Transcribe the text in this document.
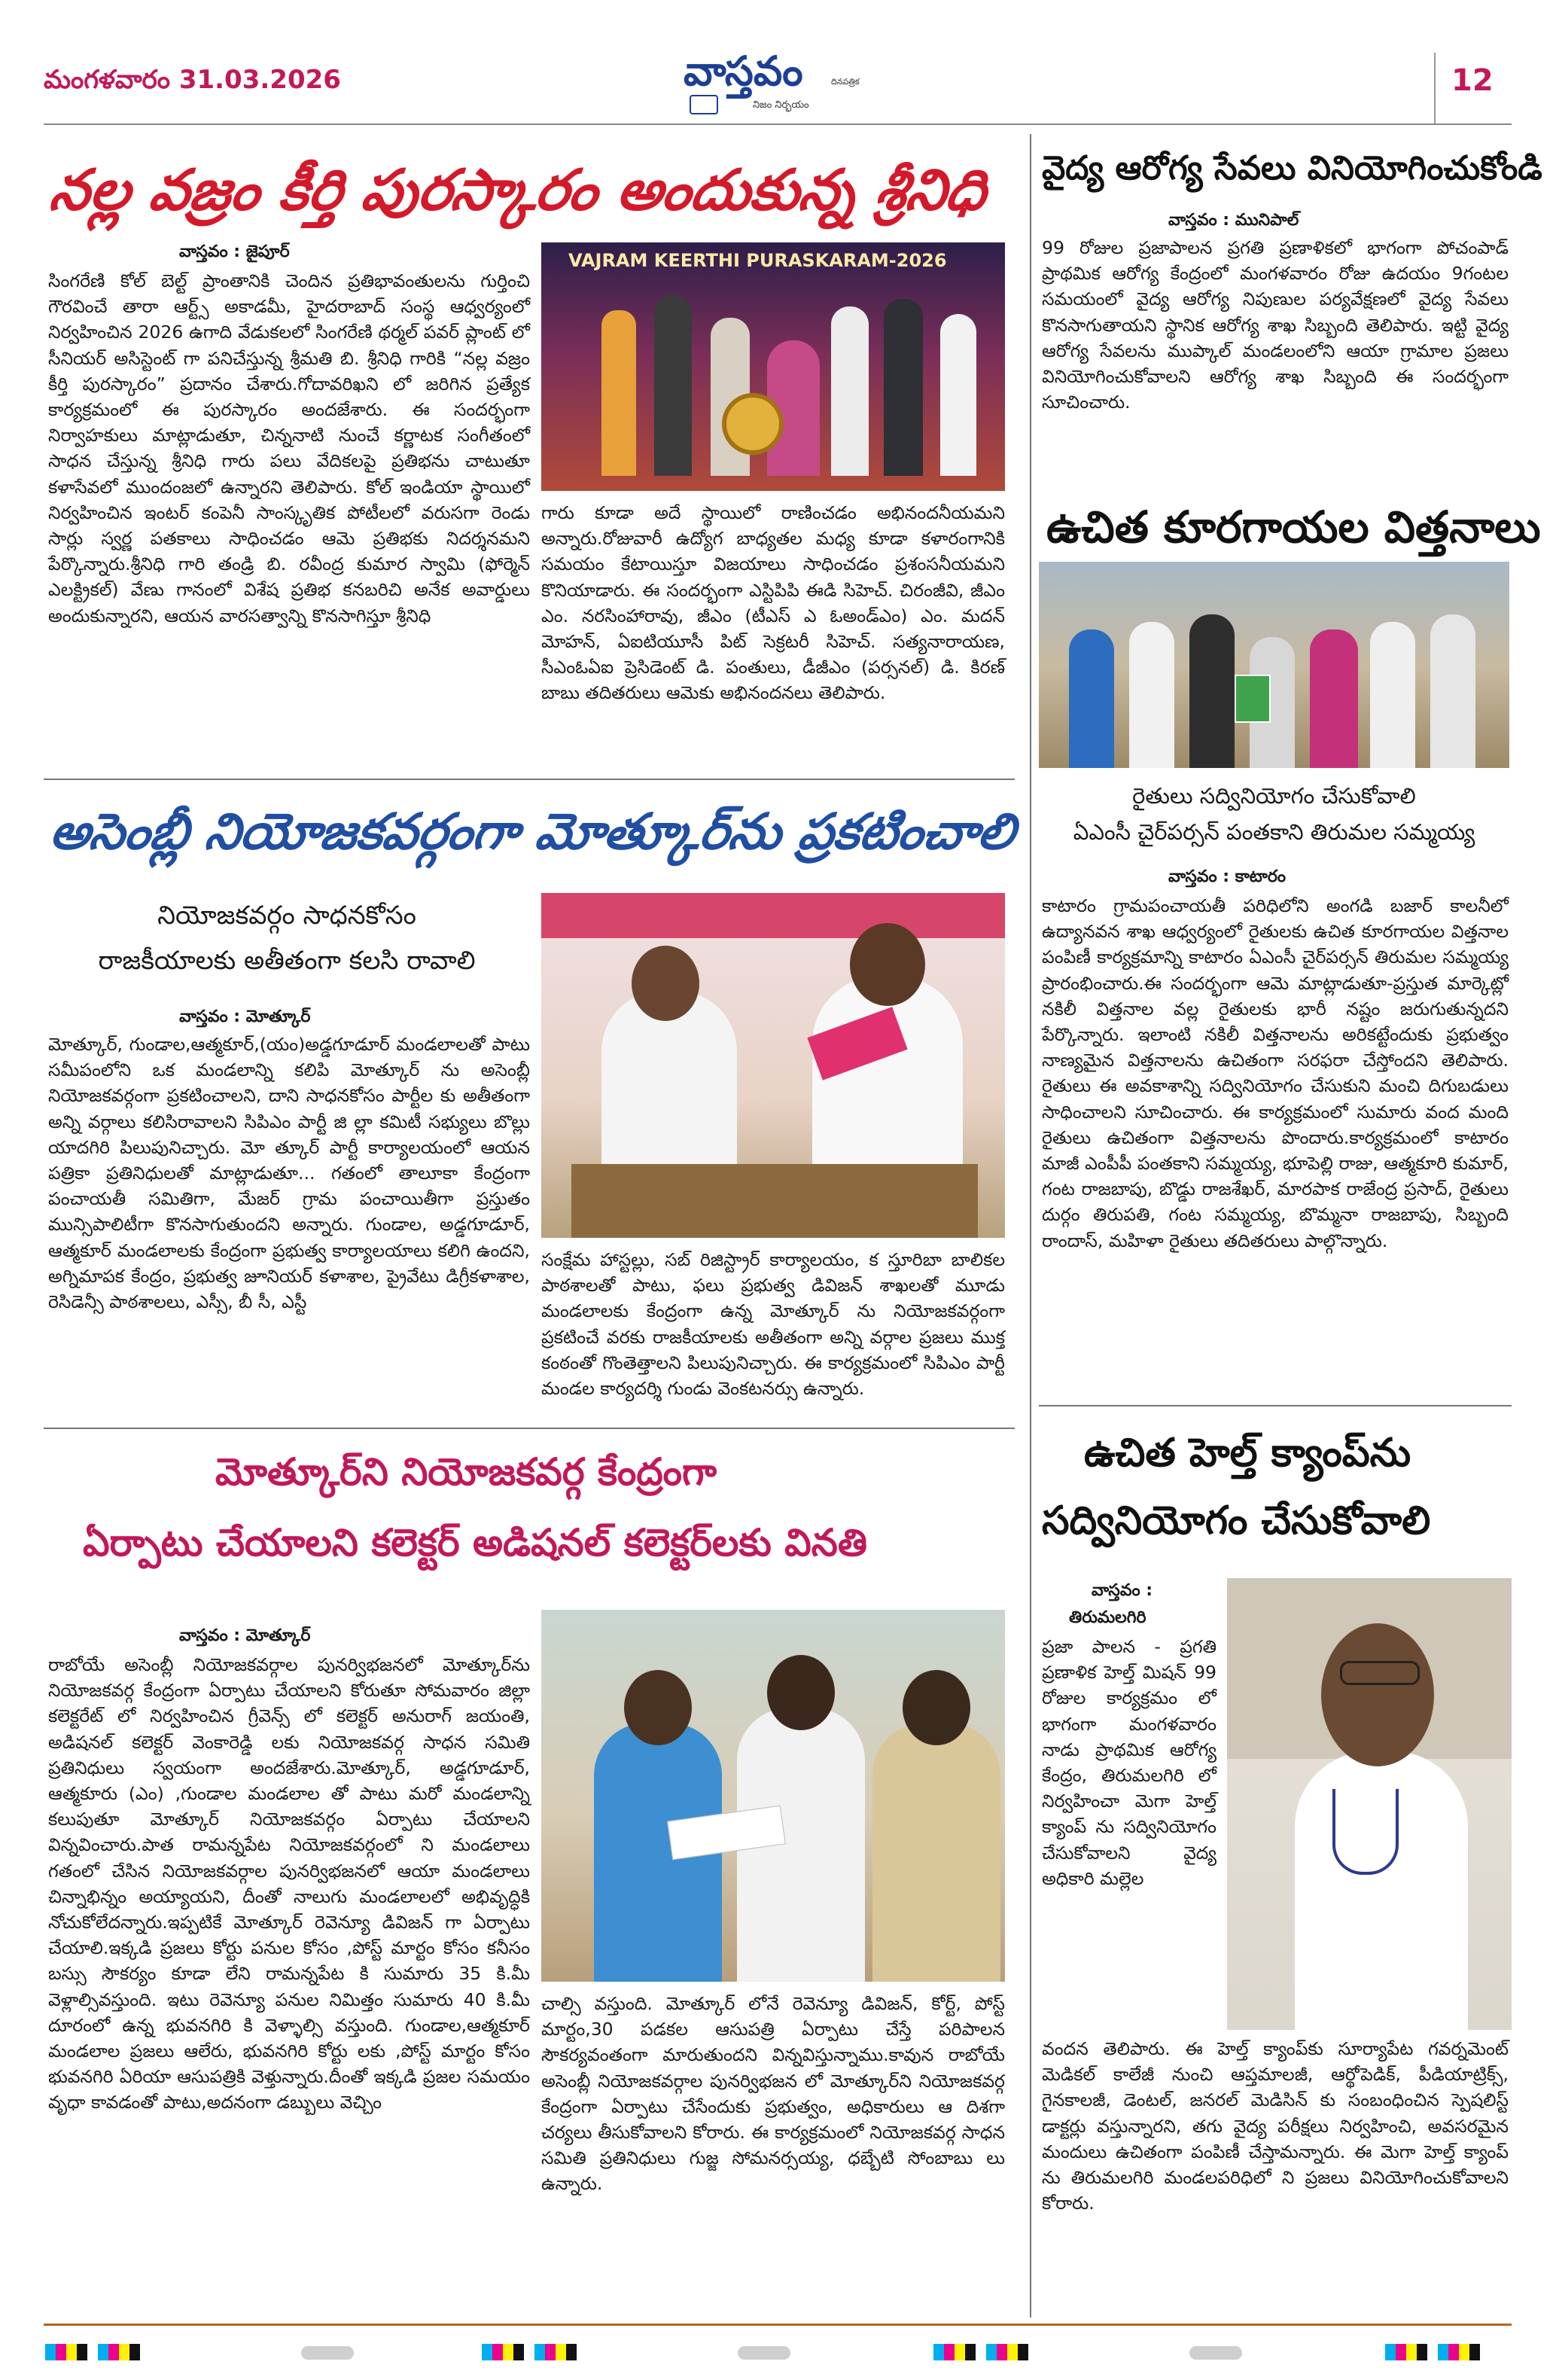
మంగళవారం 31.03.2026	వాస్తవం
నిజం నిర్భయం
దినపత్రిక	12
నల్ల వజ్రం కీర్తి పురస్కారం అందుకున్న శ్రీనిధి
వాస్తవం : జైపూర్
సింగరేణి కోల్ బెల్ట్ ప్రాంతానికి చెందిన ప్రతిభావంతులను గుర్తించి గౌరవించే తారా ఆర్ట్స్ అకాడమీ, హైదరాబాద్ సంస్థ ఆధ్వర్యంలో నిర్వహించిన 2026 ఉగాది వేడుకలలో సింగరేణి థర్మల్ పవర్ ప్లాంట్ లో సీనియర్ అసిస్టెంట్ గా పనిచేస్తున్న శ్రీమతి బి. శ్రీనిధి గారికి “నల్ల వజ్రం కీర్తి పురస్కారం” ప్రదానం చేశారు.గోదావరిఖని లో జరిగిన ప్రత్యేక కార్యక్రమంలో ఈ పురస్కారం అందజేశారు. ఈ సందర్భంగా నిర్వాహకులు మాట్లాడుతూ, చిన్ననాటి నుంచే కర్ణాటక సంగీతంలో సాధన చేస్తున్న శ్రీనిధి గారు పలు వేదికలపై ప్రతిభను చాటుతూ కళాసేవలో ముందంజలో ఉన్నారని తెలిపారు. కోల్ ఇండియా స్థాయిలో నిర్వహించిన ఇంటర్ కంపెనీ సాంస్కృతిక పోటీలలో వరుసగా రెండు సార్లు స్వర్ణ పతకాలు సాధించడం ఆమె ప్రతిభకు నిదర్శనమని పేర్కొన్నారు.శ్రీనిధి గారి తండ్రి బి. రవీంద్ర కుమార స్వామి (ఫోర్మెన్ ఎలక్ట్రికల్) వేణు గానంలో విశేష ప్రతిభ కనబరిచి అనేక అవార్డులు అందుకున్నారని, ఆయన వారసత్వాన్ని కొనసాగిస్తూ శ్రీనిధి
VAJRAM KEERTHI PURASKARAM-2026
గారు కూడా అదే స్థాయిలో రాణించడం అభినందనీయమని అన్నారు.రోజువారీ ఉద్యోగ బాధ్యతల మధ్య కూడా కళారంగానికి సమయం కేటాయిస్తూ విజయాలు సాధించడం ప్రశంసనీయమని కొనియాడారు. ఈ సందర్భంగా ఎస్టిపిపి ఈడి సిహెచ్. చిరంజీవి, జీఎం ఎం. నరసింహారావు, జీఎం (టీఎస్ ఎ ఓఅండ్ఎం) ఎం. మదన్ మోహన్, ఏఐటియూసీ పిట్ సెక్రటరీ సిహెచ్. సత్యనారాయణ, సీఎంఓఏఐ ప్రెసిడెంట్ డి. పంతులు, డీజీఎం (పర్సనల్) డి. కిరణ్ బాబు తదితరులు ఆమెకు అభినందనలు తెలిపారు.
అసెంబ్లీ నియోజకవర్గంగా మోత్కూర్‌ను ప్రకటించాలి
నియోజకవర్గం సాధనకోసం
రాజకీయాలకు అతీతంగా కలసి రావాలి
వాస్తవం : మోత్కూర్
మోత్కూర్, గుండాల,ఆత్మకూర్,(యం)అడ్డగూడూర్ మండలాలతో పాటు సమీపంలోని ఒక మండలాన్ని కలిపి మోత్కూర్ ను అసెంబ్లీ నియోజకవర్గంగా ప్రకటించాలని, దాని సాధనకోసం పార్టీల కు అతీతంగా అన్ని వర్గాలు కలిసిరావాలని సిపిఎం పార్టీ జి ల్లా కమిటీ సభ్యులు బొల్లు యాదగిరి పిలుపునిచ్చారు. మో త్కూర్ పార్టీ కార్యాలయంలో ఆయన పత్రికా ప్రతినిధులతో మాట్లాడుతూ... గతంలో తాలూకా కేంద్రంగా పంచాయతీ సమితిగా, మేజర్ గ్రామ పంచాయితీగా ప్రస్తుతం మున్సిపాలిటీగా కొనసాగుతుందని అన్నారు. గుండాల, అడ్డగూడూర్, ఆత్మకూర్ మండలాలకు కేంద్రంగా ప్రభుత్వ కార్యాలయాలు కలిగి ఉందని, అగ్నిమాపక కేంద్రం, ప్రభుత్వ జూనియర్ కళాశాల, ప్రైవేటు డిగ్రీకళాశాల, రెసిడెన్సీ పాఠశాలలు, ఎస్సీ, బీ సీ, ఎస్టీ
సంక్షేమ హాస్టల్లు, సబ్ రిజిస్ట్రార్ కార్యాలయం, క స్తూరిబా బాలికల పాఠశాలతో పాటు, ఫలు ప్రభుత్వ డివిజన్ శాఖలతో మూడు మండలాలకు కేంద్రంగా ఉన్న మోత్కూర్ ను నియోజకవర్గంగా ప్రకటించే వరకు రాజకీయాలకు అతీతంగా అన్ని వర్గాల ప్రజలు ముక్త కంఠంతో గొంతెత్తాలని పిలుపునిచ్చారు. ఈ కార్యక్రమంలో సిపిఎం పార్టీ మండల కార్యదర్శి గుండు వెంకటనర్సు ఉన్నారు.
మోత్కూర్‌ని నియోజకవర్గ కేంద్రంగా
ఏర్పాటు చేయాలని కలెక్టర్ అడిషనల్ కలెక్టర్‌లకు వినతి
వాస్తవం : మోత్కూర్
రాబోయే అసెంబ్లీ నియోజకవర్గాల పునర్విభజనలో మోత్కూర్‌ను నియోజకవర్గ కేంద్రంగా ఏర్పాటు చేయాలని కోరుతూ సోమవారం జిల్లా కలెక్టరేట్ లో నిర్వహించిన గ్రీవెన్స్ లో కలెక్టర్ అనురాగ్ జయంతి, అడిషనల్ కలెక్టర్ వెంకారెడ్డి లకు నియోజకవర్గ సాధన సమితి ప్రతినిధులు స్వయంగా అందజేశారు.మోత్కూర్, అడ్డగూడూర్, ఆత్మకూరు (ఎం) ,గుండాల మండలాల తో పాటు మరో మండలాన్ని కలుపుతూ మోత్కూర్ నియోజకవర్గం ఏర్పాటు చేయాలని విన్నవించారు.పాత రామన్నపేట నియోజకవర్గంలో ని మండలాలు గతంలో చేసిన నియోజకవర్గాల పునర్విభజనలో ఆయా మండలాలు చిన్నాభిన్నం అయ్యాయని, దీంతో నాలుగు మండలాలలో అభివృద్ధికి నోచుకోలేదన్నారు.ఇప్పటికే మోత్కూర్ రెవెన్యూ డివిజన్ గా ఏర్పాటు చేయాలి.ఇక్కడి ప్రజలు కోర్టు పనుల కోసం ,పోస్ట్ మార్టం కోసం కనీసం బస్సు సౌకర్యం కూడా లేని రామన్నపేట కి సుమారు 35 కి.మీ వెళ్లాల్సివస్తుంది. ఇటు రెవెన్యూ పనుల నిమిత్తం సుమారు 40 కి.మీ దూరంలో ఉన్న భువనగిరి కి వెళ్ళాల్సి వస్తుంది. గుండాల,ఆత్మకూర్ మండలాల ప్రజలు ఆలేరు, భువనగిరి కోర్టు లకు ,పోస్ట్ మార్టం కోసం భువనగిరి ఏరియా ఆసుపత్రికి వెళ్తున్నారు.దీంతో ఇక్కడి ప్రజల సమయం వృధా కావడంతో పాటు,అదనంగా డబ్బులు వెచ్చిం
చాల్సి వస్తుంది. మోత్కూర్ లోనే రెవెన్యూ డివిజన్, కోర్ట్, పోస్ట్ మార్టం,30 పడకల ఆసుపత్రి ఏర్పాటు చేస్తే పరిపాలన సౌకర్యవంతంగా మారుతుందని విన్నవిస్తున్నాము.కావున రాబోయే అసెంబ్లీ నియోజకవర్గాల పునర్విభజన లో మోత్కూర్‌ని నియోజకవర్గ కేంద్రంగా ఏర్పాటు చేసేందుకు ప్రభుత్వం, అధికారులు ఆ దిశగా చర్యలు తీసుకోవాలని కోరారు. ఈ కార్యక్రమంలో నియోజకవర్గ సాధన సమితి ప్రతినిధులు గుజ్జ సోమనర్సయ్య, ధబ్బేటి సోంబాబు లు ఉన్నారు.
వైద్య ఆరోగ్య సేవలు వినియోగించుకోండి
వాస్తవం : మునిపాల్
99 రోజుల ప్రజాపాలన ప్రగతి ప్రణాళికలో భాగంగా పోచంపాడ్ ప్రాథమిక ఆరోగ్య కేంద్రంలో మంగళవారం రోజు ఉదయం 9గంటల సమయంలో వైద్య ఆరోగ్య నిపుణుల పర్యవేక్షణలో వైద్య సేవలు కొనసాగుతాయని స్థానిక ఆరోగ్య శాఖ సిబ్బంది తెలిపారు. ఇట్టి వైద్య ఆరోగ్య సేవలను ముప్కాల్ మండలంలోని ఆయా గ్రామాల ప్రజలు వినియోగించుకోవాలని ఆరోగ్య శాఖ సిబ్బంది ఈ సందర్భంగా సూచించారు.
ఉచిత కూరగాయల విత్తనాలు
రైతులు సద్వినియోగం చేసుకోవాలి
ఏఎంసీ చైర్‌పర్సన్ పంతకాని తిరుమల సమ్మయ్య
వాస్తవం : కాటారం
కాటారం గ్రామపంచాయతీ పరిధిలోని అంగడి బజార్ కాలనీలో ఉద్యానవన శాఖ ఆధ్వర్యంలో రైతులకు ఉచిత కూరగాయల విత్తనాల పంపిణీ కార్యక్రమాన్ని కాటారం ఏఎంసీ చైర్‌పర్సన్ తిరుమల సమ్మయ్య ప్రారంభించారు.ఈ సందర్భంగా ఆమె మాట్లాడుతూ-ప్రస్తుత మార్కెట్లో నకిలీ విత్తనాల వల్ల రైతులకు భారీ నష్టం జరుగుతున్నదని పేర్కొన్నారు. ఇలాంటి నకిలీ విత్తనాలను అరికట్టేందుకు ప్రభుత్వం నాణ్యమైన విత్తనాలను ఉచితంగా సరఫరా చేస్తోందని తెలిపారు. రైతులు ఈ అవకాశాన్ని సద్వినియోగం చేసుకుని మంచి దిగుబడులు సాధించాలని సూచించారు. ఈ కార్యక్రమంలో సుమారు వంద మంది రైతులు ఉచితంగా విత్తనాలను పొందారు.కార్యక్రమంలో కాటారం మాజీ ఎంపీపీ పంతకాని సమ్మయ్య, భూపెల్లి రాజు, ఆత్మకూరి కుమార్, గంట రాజబాపు, బొడ్డు రాజశేఖర్, మారపాక రాజేంద్ర ప్రసాద్, రైతులు దుర్గం తిరుపతి, గంట సమ్మయ్య, బొమ్మనా రాజబాపు, సిబ్బంది రాందాస్, మహిళా రైతులు తదితరులు పాల్గొన్నారు.
ఉచిత హెల్త్ క్యాంప్‌ను
సద్వినియోగం చేసుకోవాలి
వాస్తవం :
తిరుమలగిరి
ప్రజా పాలన - ప్రగతి ప్రణాళిక హెల్త్ మిషన్ 99 రోజుల కార్యక్రమం లో భాగంగా మంగళవారం నాడు ప్రాథమిక ఆరోగ్య కేంద్రం, తిరుమలగిరి లో నిర్వహించా మెగా హెల్త్ క్యాంప్ ను సద్వినియోగం చేసుకోవాలని వైద్య అధికారి మల్లెల
వందన తెలిపారు. ఈ హెల్త్ క్యాంప్‌కు సూర్యాపేట గవర్నమెంట్ మెడికల్ కాలేజీ నుంచి ఆప్తమాలజీ, ఆర్థోపెడిక్, పీడియాట్రిక్స్, గైనకాలజీ, డెంటల్, జనరల్ మెడిసిన్ కు సంబంధించిన స్పెషలిస్ట్ డాక్టర్లు వస్తున్నారని, తగు వైద్య పరీక్షలు నిర్వహించి, అవసరమైన మందులు ఉచితంగా పంపిణీ చేస్తామన్నారు. ఈ మెగా హెల్త్ క్యాంప్ ను తిరుమలగిరి మండలపరిధిలో ని ప్రజలు వినియోగించుకోవాలని కోరారు.
